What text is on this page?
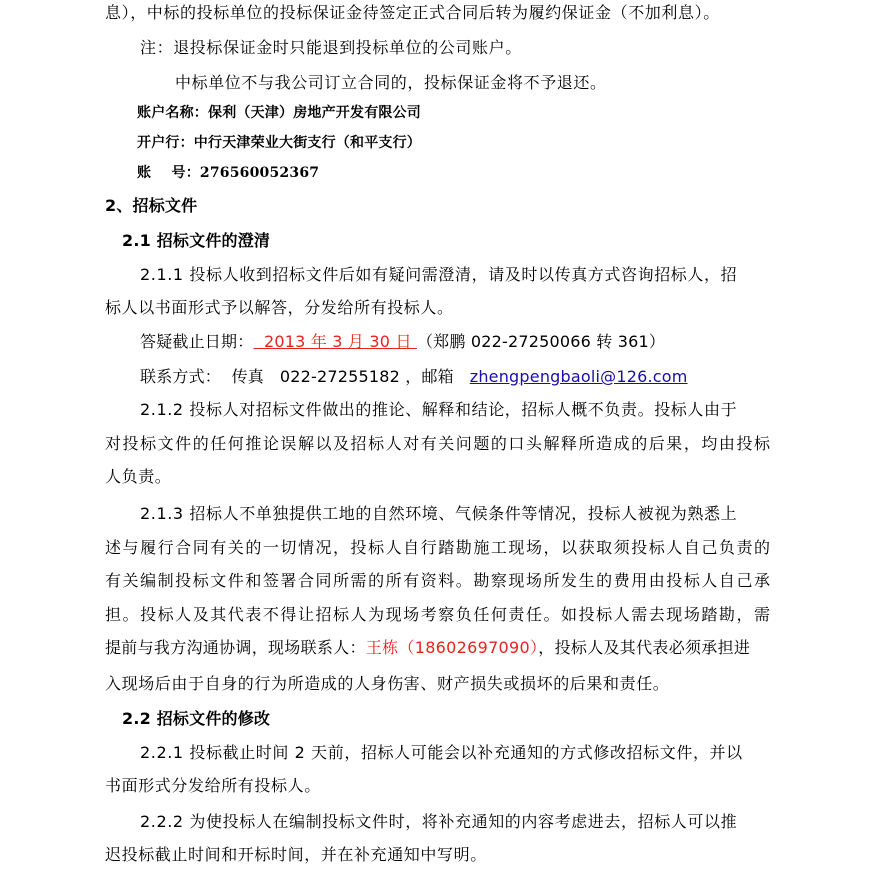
息），中标的投标单位的投标保证金待签定正式合同后转为履约保证金（不加利息）。
注：退投标保证金时只能退到投标单位的公司账户。
中标单位不与我公司订立合同的，投标保证金将不予退还。
账户名称：保利（天津）房地产开发有限公司
开户行：中行天津荣业大街支行（和平支行）
账    号：27656005236​7
2、招标文件
2.1 招标文件的澄清
2.1.1 投标人收到招标文件后如有疑问需澄清，请及时以传真方式咨询招标人，招
标人以书面形式予以解答，分发给所有投标人。
答疑截止日期：  2013 年 3 月 30 日 （郑鹏 022-27250066 转 361）
联系方式：  传真   022-27255182 ，邮箱   zhengpengbaoli@126.com
2.1.2 投标人对招标文件做出的推论、解释和结论，招标人概不负责。投标人由于
对投标文件的任何推论误解以及招标人对有关问题的口头解释所造成的后果，均由投标
人负责。
2.1.3 招标人不单独提供工地的自然环境、气候条件等情况，投标人被视为熟悉上
述与履行合同有关的一切情况，投标人自行踏勘施工现场，以获取须投标人自己负责的
有关编制投标文件和签署合同所需的所有资料。勘察现场所发生的费用由投标人自己承
担。投标人及其代表不得让招标人为现场考察负任何责任。如投标人需去现场踏勘，需
提前与我方沟通协调，现场联系人：王栋（18602697090），投标人及其代表必须承担进
入现场后由于自身的行为所造成的人身伤害、财产损失或损坏的后果和责任。
2.2 招标文件的修改
2.2.1 投标截止时间 2 天前，招标人可能会以补充通知的方式修改招标文件，并以
书面形式分发给所有投标人。
2.2.2 为使投标人在编制投标文件时，将补充通知的内容考虑进去，招标人可以推
迟投标截止时间和开标时间，并在补充通知中写明。
